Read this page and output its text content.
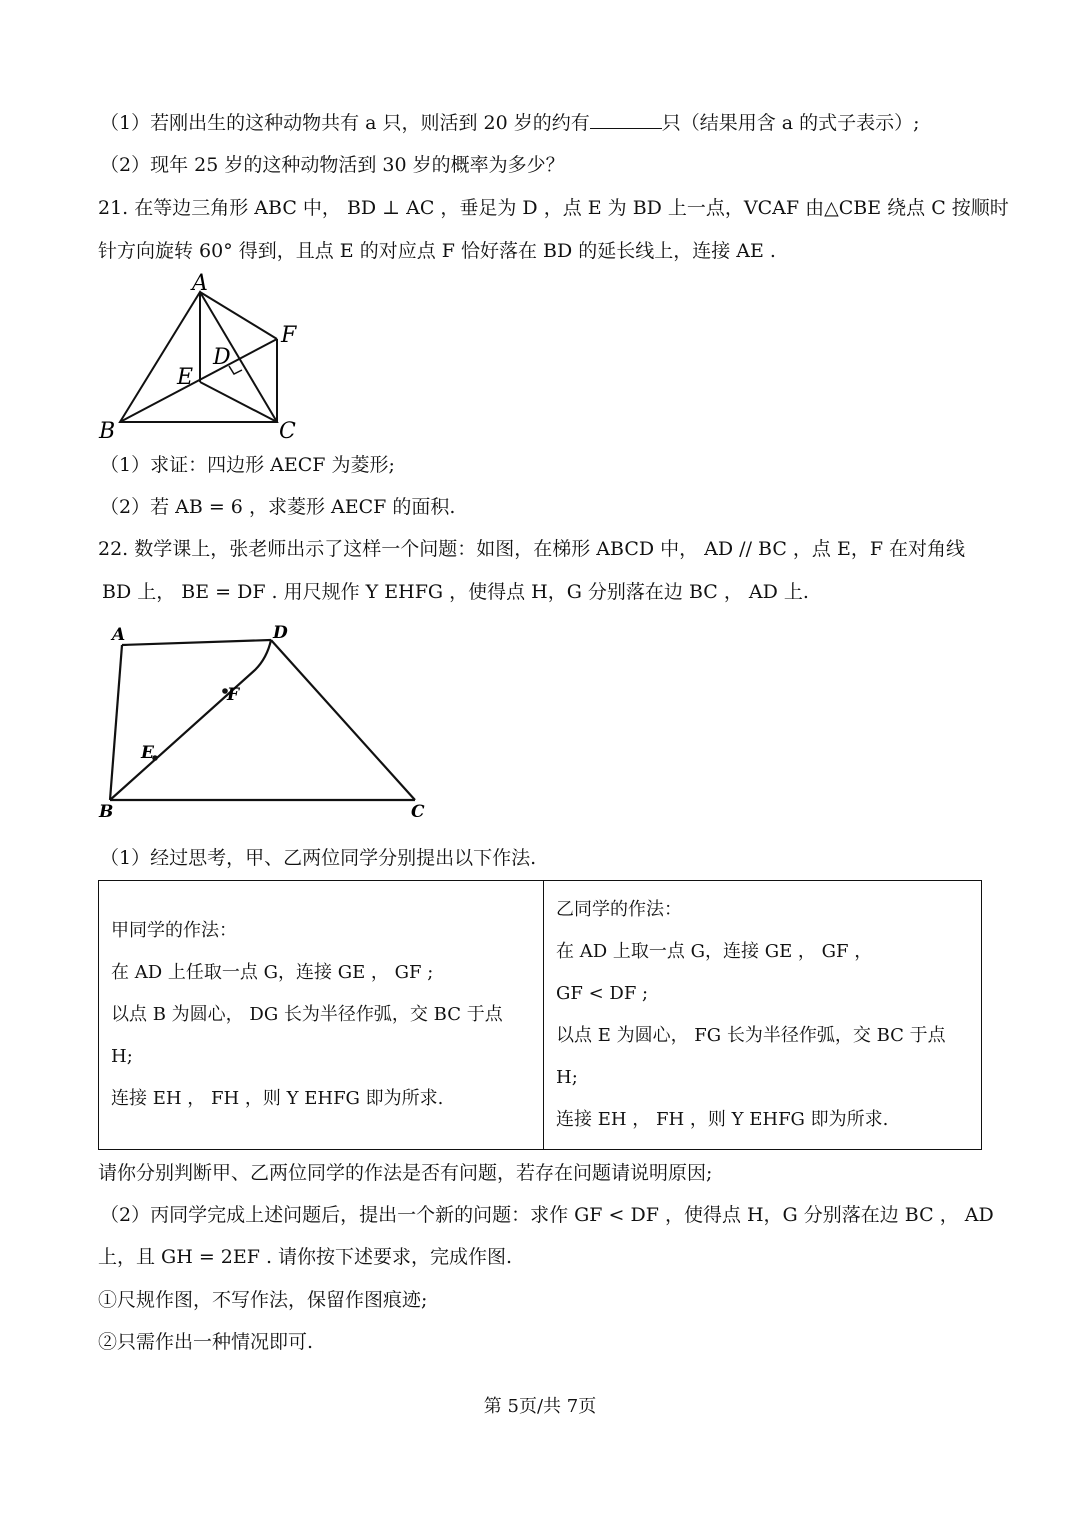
（1）若刚出生的这种动物共有 a 只，则活到 20 岁的约有	只（结果用含 a 的式子表示）;
（2）现年 25 岁的这种动物活到 30 岁的概率为多少？
21. 在等边三角形 ABC 中， BD ⊥ AC ，垂足为 D ，点 E 为 BD 上一点，VCAF 由△CBE 绕点 C 按顺时
针方向旋转 60° 得到，且点 E 的对应点 F 恰好落在 BD 的延长线上，连接 AE .
A
B	C
D
E
F
（1）求证：四边形 AECF 为菱形;
（2）若 AB = 6 ，求菱形 AECF 的面积.
22. 数学课上，张老师出示了这样一个问题：如图，在梯形 ABCD 中， AD // BC ，点 E，F 在对角线
BD 上， BE = DF . 用尺规作 Y EHFG ，使得点 H，G 分别落在边 BC ， AD 上.
A	D
B	C
E
F
（1）经过思考，甲、乙两位同学分别提出以下作法.
甲同学的作法：
在 AD 上任取一点 G，连接 GE ， GF ;
以点 B 为圆心， DG 长为半径作弧，交 BC 于点
H;
连接 EH ， FH ，则 Y EHFG 即为所求.

乙同学的作法：
在 AD 上取一点 G，连接 GE ， GF ，
GF < DF ;
以点 E 为圆心， FG 长为半径作弧，交 BC 于点
H;
连接 EH ， FH ，则 Y EHFG 即为所求.
请你分别判断甲、乙两位同学的作法是否有问题，若存在问题请说明原因;
（2）丙同学完成上述问题后，提出一个新的问题：求作 GF < DF ，使得点 H，G 分别落在边 BC ， AD
上，且 GH = 2EF . 请你按下述要求，完成作图.
①尺规作图，不写作法，保留作图痕迹;
②只需作出一种情况即可.
第 5页/共 7页
